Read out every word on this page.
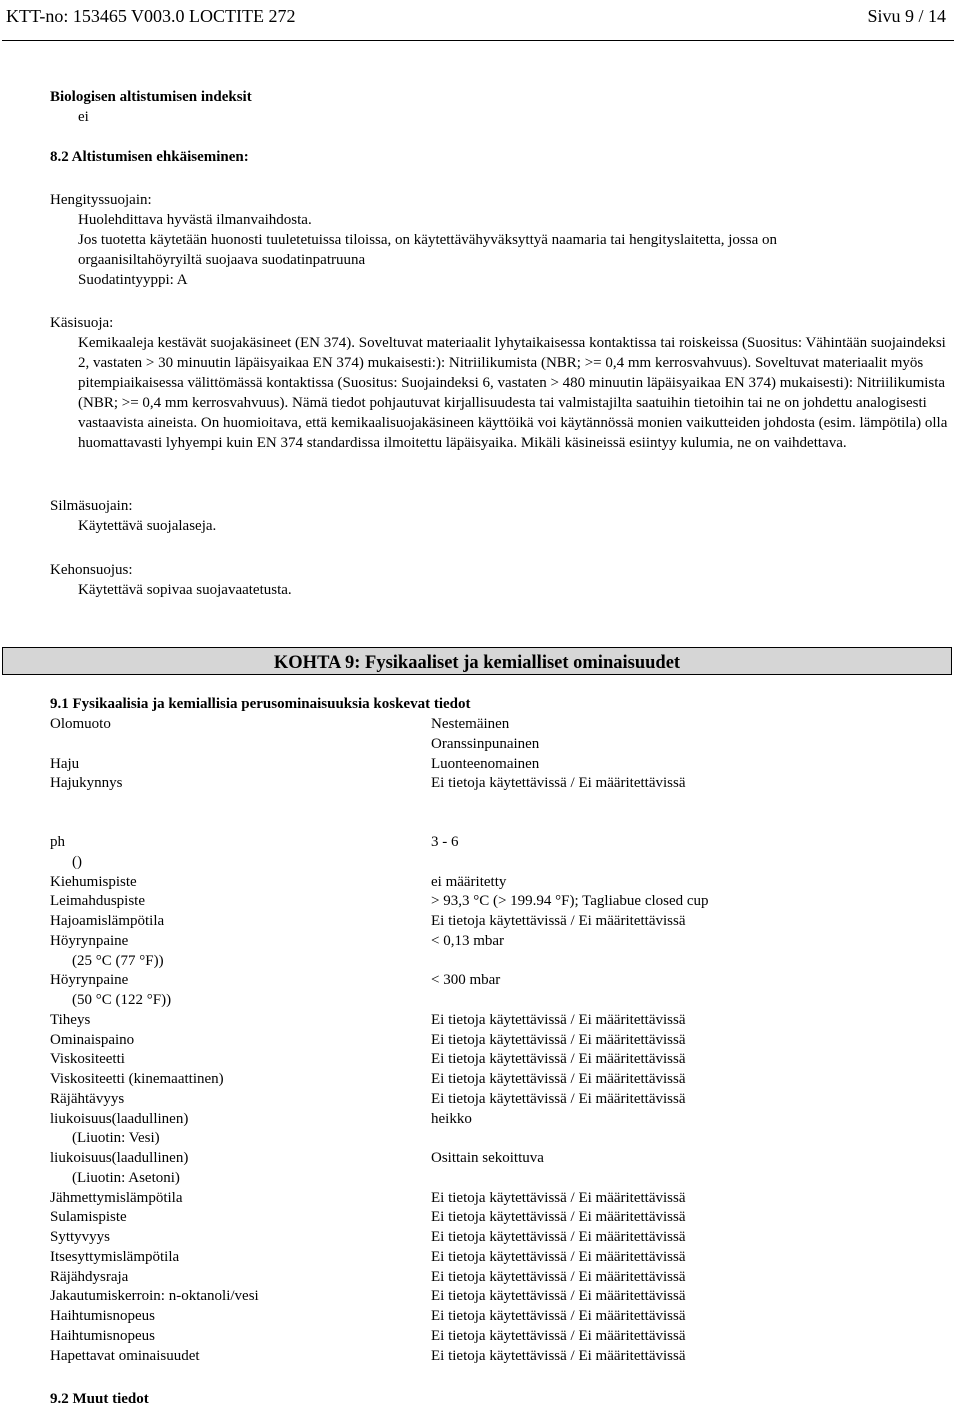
KTT-no: 153465 V003.0 LOCTITE 272	Sivu 9 / 14
Biologisen altistumisen indeksit
ei
8.2 Altistumisen ehkäiseminen:
Hengityssuojain:
Huolehdittava hyvästä ilmanvaihdosta.
Jos tuotetta käytetään huonosti tuuletetuissa tiloissa, on käytettävähyväksyttyä naamaria tai hengityslaitetta, jossa on
orgaanisiltahöyryiltä suojaava suodatinpatruuna
Suodatintyyppi: A
Käsisuoja:
Kemikaaleja kestävät suojakäsineet (EN 374). Soveltuvat materiaalit lyhytaikaisessa kontaktissa tai roiskeissa (Suositus: Vähintään suojaindeksi 2, vastaten > 30 minuutin läpäisyaikaa EN 374) mukaisesti:): Nitriilikumista (NBR; >= 0,4 mm kerrosvahvuus). Soveltuvat materiaalit myös pitempiaikaisessa välittömässä kontaktissa (Suositus: Suojaindeksi 6, vastaten > 480 minuutin läpäisyaikaa EN 374) mukaisesti): Nitriilikumista (NBR; >= 0,4 mm kerrosvahvuus). Nämä tiedot pohjautuvat kirjallisuudesta tai valmistajilta saatuihin tietoihin tai ne on johdettu analogisesti vastaavista aineista. On huomioitava, että kemikaalisuojakäsineen käyttöikä voi käytännössä monien vaikutteiden johdosta (esim. lämpötila) olla huomattavasti lyhyempi kuin EN 374 standardissa ilmoitettu läpäisyaika. Mikäli käsineissä esiintyy kulumia, ne on vaihdettava.
Silmäsuojain:
Käytettävä suojalaseja.
Kehonsuojus:
Käytettävä sopivaa suojavaatetusta.
KOHTA 9: Fysikaaliset ja kemialliset ominaisuudet
9.1 Fysikaalisia ja kemiallisia perusominaisuuksia koskevat tiedot
Olomuoto	Nestemäinen
Oranssinpunainen
Haju	Luonteenomainen
Hajukynnys	Ei tietoja käytettävissä / Ei määritettävissä
ph	3 - 6
()
Kiehumispiste	ei määritetty
Leimahduspiste	> 93,3 °C (> 199.94 °F); Tagliabue closed cup
Hajoamislämpötila	Ei tietoja käytettävissä / Ei määritettävissä
Höyrynpaine	< 0,13 mbar
(25 °C (77 °F))
Höyrynpaine	< 300 mbar
(50 °C (122 °F))
Tiheys	Ei tietoja käytettävissä / Ei määritettävissä
Ominaispaino	Ei tietoja käytettävissä / Ei määritettävissä
Viskositeetti	Ei tietoja käytettävissä / Ei määritettävissä
Viskositeetti (kinemaattinen)	Ei tietoja käytettävissä / Ei määritettävissä
Räjähtävyys	Ei tietoja käytettävissä / Ei määritettävissä
liukoisuus(laadullinen)	heikko
(Liuotin: Vesi)
liukoisuus(laadullinen)	Osittain sekoittuva
(Liuotin: Asetoni)
Jähmettymislämpötila	Ei tietoja käytettävissä / Ei määritettävissä
Sulamispiste	Ei tietoja käytettävissä / Ei määritettävissä
Syttyvyys	Ei tietoja käytettävissä / Ei määritettävissä
Itsesyttymislämpötila	Ei tietoja käytettävissä / Ei määritettävissä
Räjähdysraja	Ei tietoja käytettävissä / Ei määritettävissä
Jakautumiskerroin: n-oktanoli/vesi	Ei tietoja käytettävissä / Ei määritettävissä
Haihtumisnopeus	Ei tietoja käytettävissä / Ei määritettävissä
Haihtumisnopeus	Ei tietoja käytettävissä / Ei määritettävissä
Hapettavat ominaisuudet	Ei tietoja käytettävissä / Ei määritettävissä
9.2 Muut tiedot
